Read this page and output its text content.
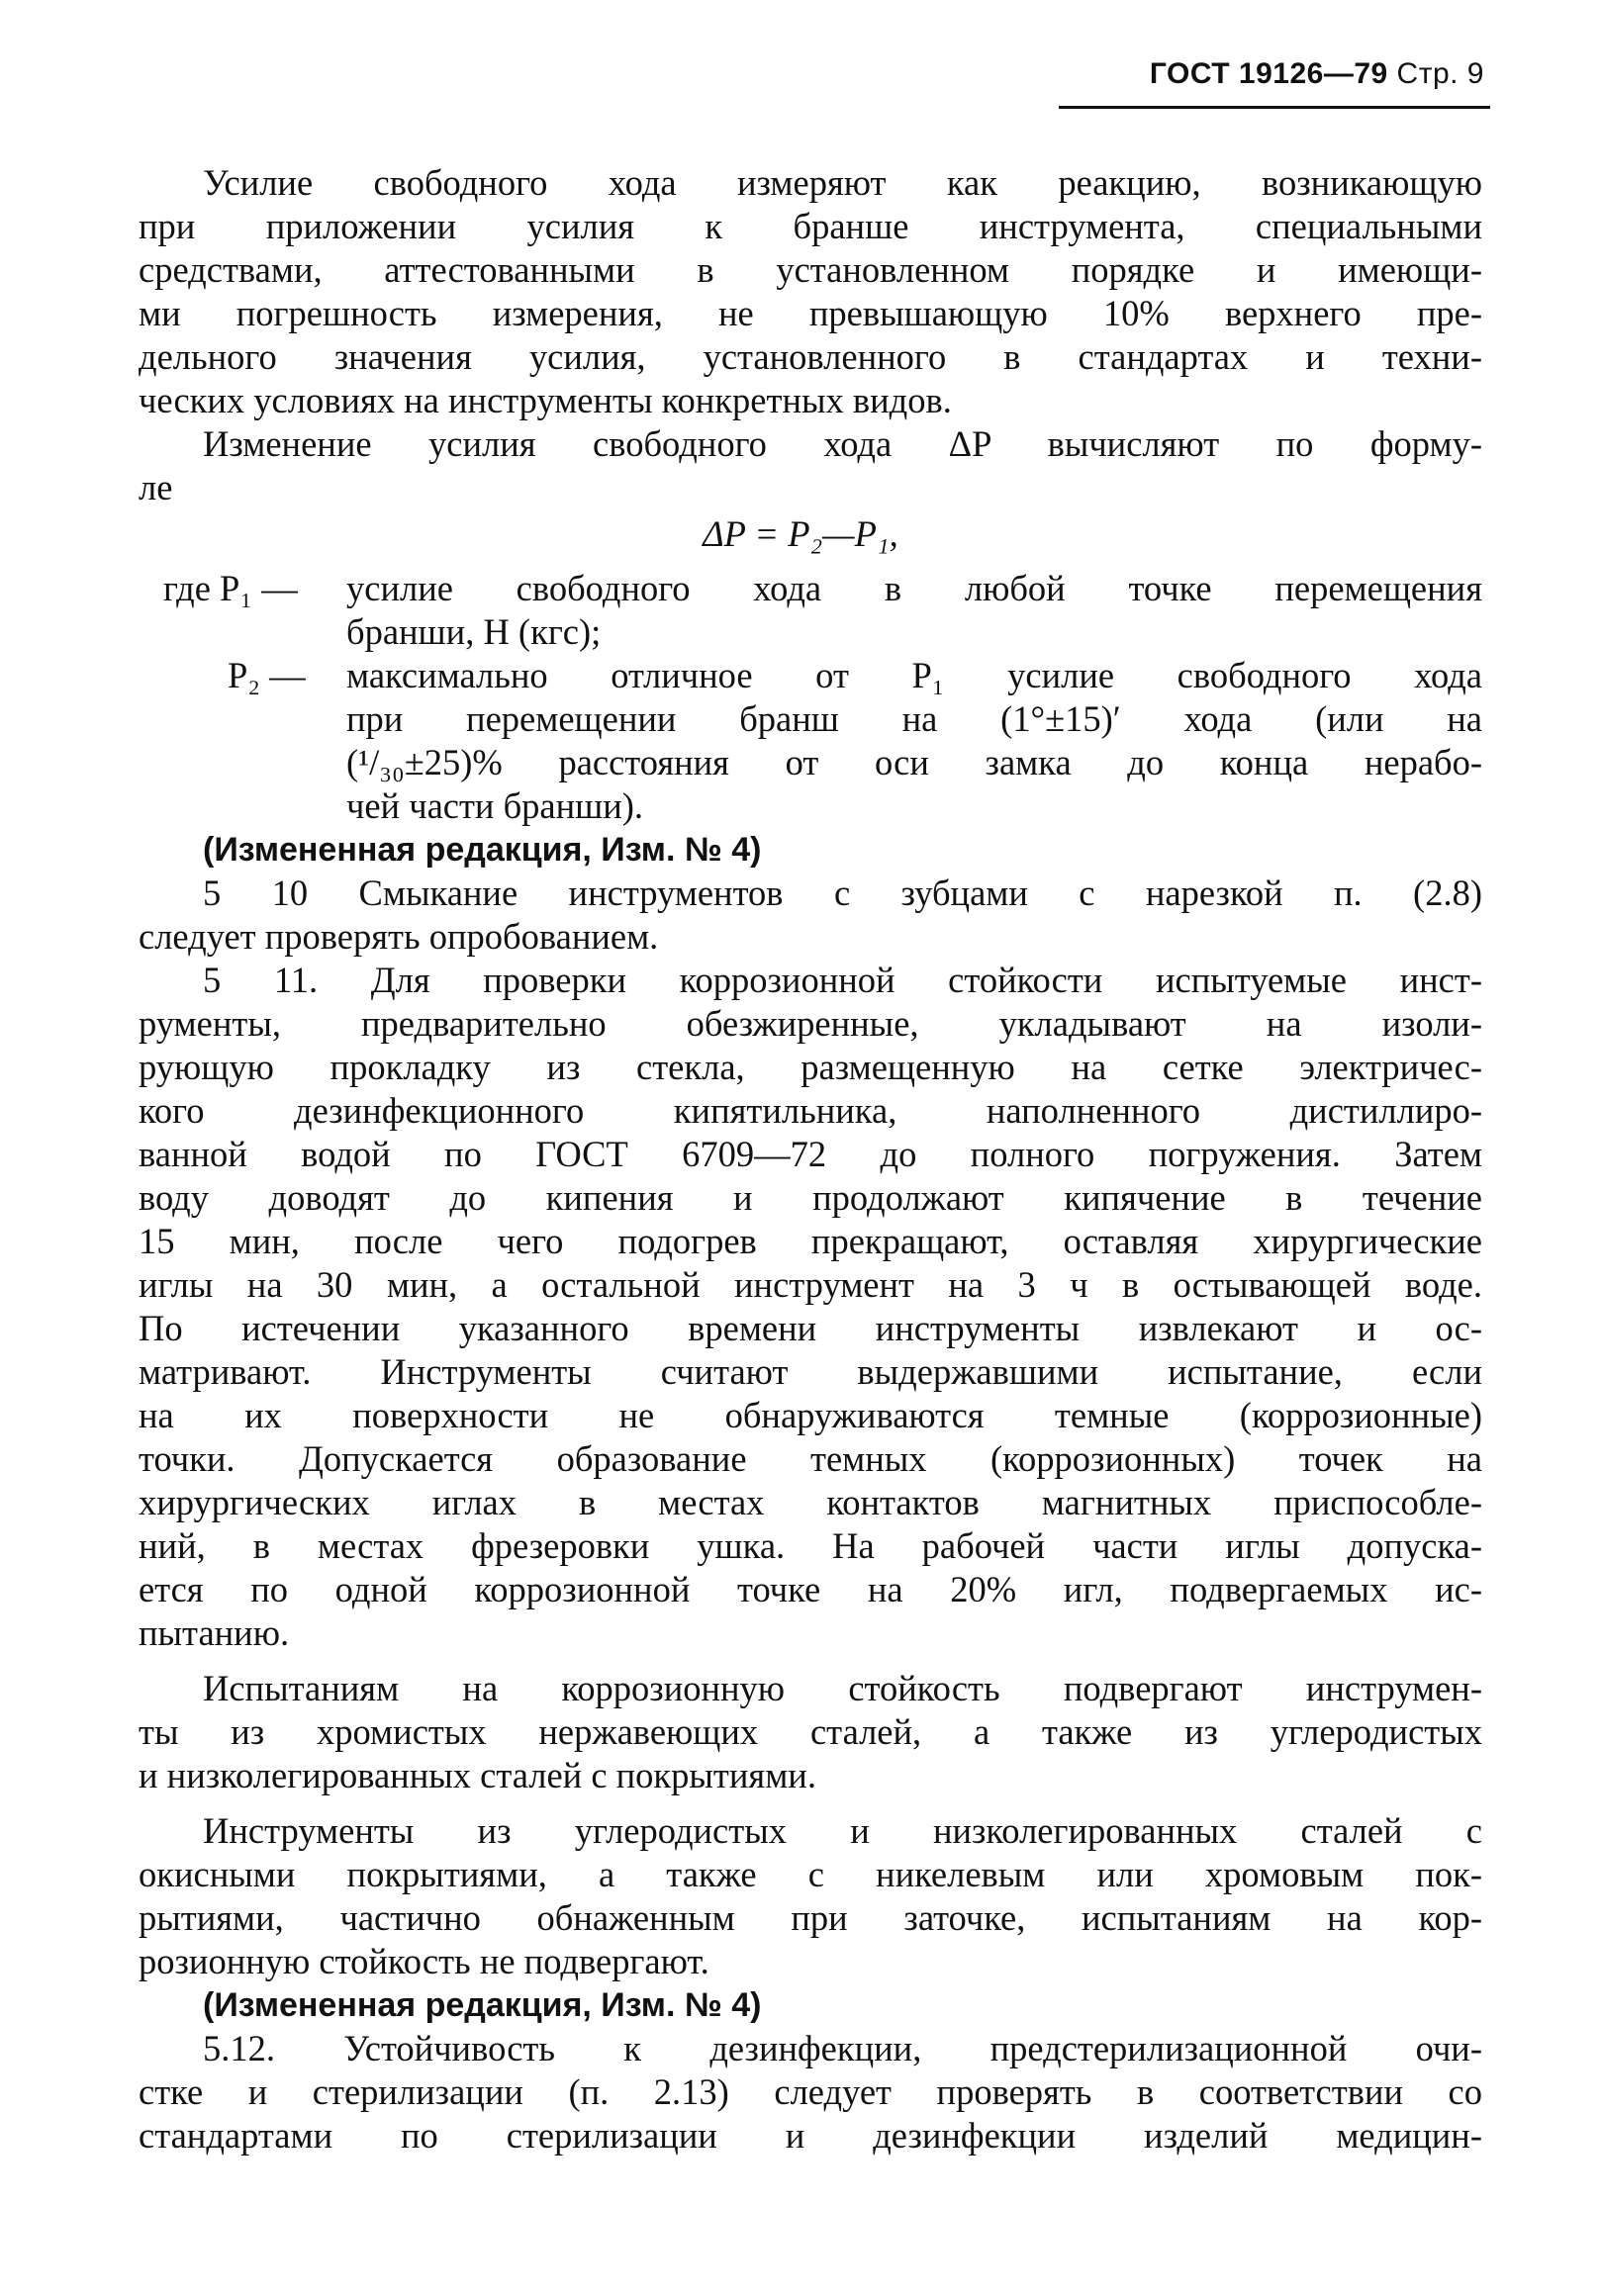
ГОСТ 19126—79 Стр. 9
Усилие свободного хода измеряют как реакцию, возникающую
при приложении усилия к бранше инструмента, специальными
средствами, аттестованными в установленном порядке и имеющи-
ми погрешность измерения, не превышающую 10% верхнего пре-
дельного значения усилия, установленного в стандартах и техни-
ческих условиях на инструменты конкретных видов.
Изменение усилия свободного хода ΔP вычисляют по форму-
ле
ΔP = P₂—P₁,
где P₁ — усилие свободного хода в любой точке перемещения
бранши, Н (кгс);
P₂ — максимально отличное от P₁ усилие свободного хода
при перемещении бранш на (1°±15)′ хода (или на
(¹/₃₀±25)% расстояния от оси замка до конца нерабо-
чей части бранши).
(Измененная редакция, Изм. № 4)
5 10 Смыкание инструментов с зубцами с нарезкой п. (2.8)
следует проверять опробованием.
5 11. Для проверки коррозионной стойкости испытуемые инст-
рументы, предварительно обезжиренные, укладывают на изоли-
рующую прокладку из стекла, размещенную на сетке электричес-
кого дезинфекционного кипятильника, наполненного дистиллиро-
ванной водой по ГОСТ 6709—72 до полного погружения. Затем
воду доводят до кипения и продолжают кипячение в течение
15 мин, после чего подогрев прекращают, оставляя хирургические
иглы на 30 мин, а остальной инструмент на 3 ч в остывающей воде.
По истечении указанного времени инструменты извлекают и ос-
матривают. Инструменты считают выдержавшими испытание, если
на их поверхности не обнаруживаются темные (коррозионные)
точки. Допускается образование темных (коррозионных) точек на
хирургических иглах в местах контактов магнитных приспособле-
ний, в местах фрезеровки ушка. На рабочей части иглы допуска-
ется по одной коррозионной точке на 20% игл, подвергаемых ис-
пытанию.
Испытаниям на коррозионную стойкость подвергают инструмен-
ты из хромистых нержавеющих сталей, а также из углеродистых
и низколегированных сталей с покрытиями.
Инструменты из углеродистых и низколегированных сталей с
окисными покрытиями, а также с никелевым или хромовым пок-
рытиями, частично обнаженным при заточке, испытаниям на кор-
розионную стойкость не подвергают.
(Измененная редакция, Изм. № 4)
5.12. Устойчивость к дезинфекции, предстерилизационной очи-
стке и стерилизации (п. 2.13) следует проверять в соответствии со
стандартами по стерилизации и дезинфекции изделий медицин-
